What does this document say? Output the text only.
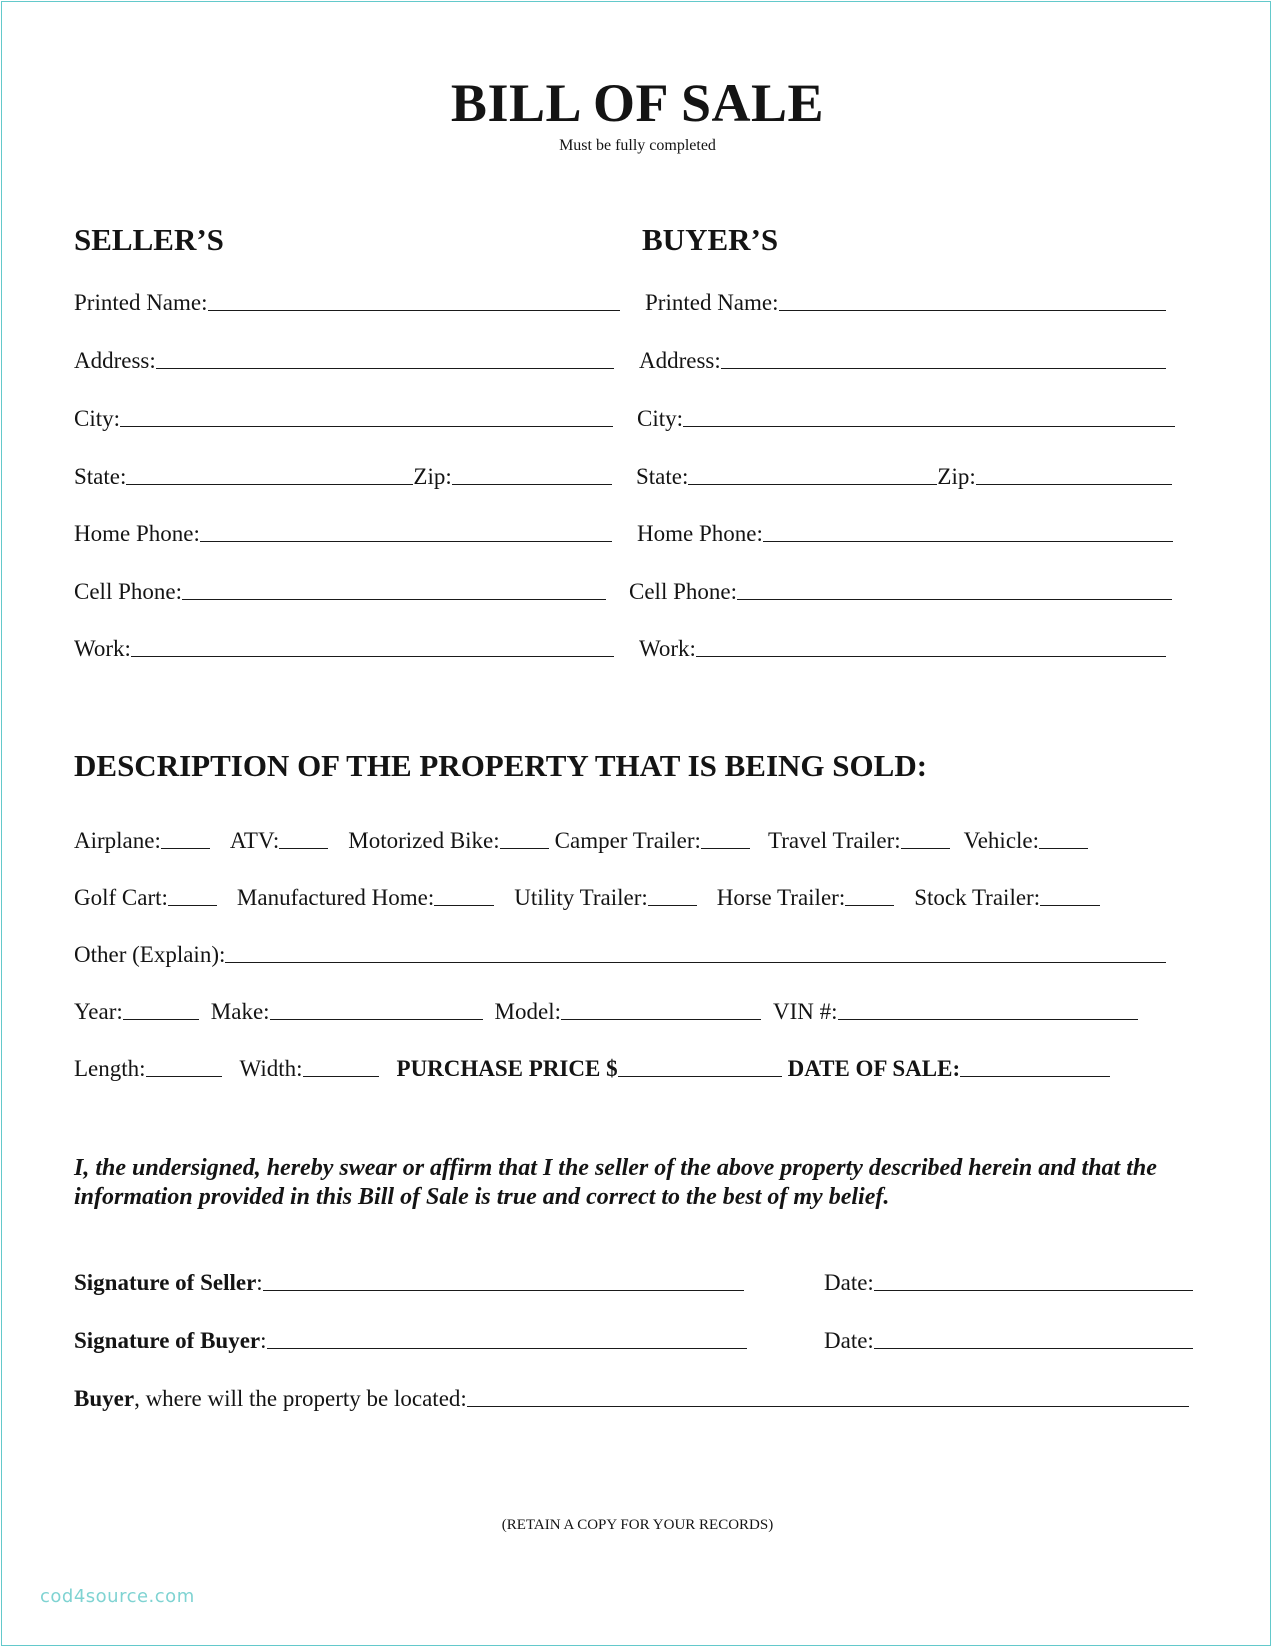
BILL OF SALE
Must be fully completed
SELLER’S
Printed Name:
Address:
City:
State:	Zip:
Home Phone:
Cell Phone:
Work:
BUYER’S
Printed Name:
Address:
City:
State:	Zip:
Home Phone:
Cell Phone:
Work:
DESCRIPTION OF THE PROPERTY THAT IS BEING SOLD:
Airplane:	ATV:	Motorized Bike: Camper Trailer:	Travel Trailer:	Vehicle:
Golf Cart:	Manufactured Home:	Utility Trailer:	Horse Trailer:	Stock Trailer:
Other (Explain):
Year:	Make:	Model:	VIN #:
Length:	Width:	PURCHASE PRICE $	DATE OF SALE:
I, the undersigned, hereby swear or affirm that I the seller of the above property described herein and that the information provided in this Bill of Sale is true and correct to the best of my belief.
Signature of Seller :	Date:
Signature of Buyer :	Date:
Buyer , where will the property be located:
(RETAIN A COPY FOR YOUR RECORDS)
cod4source.com
